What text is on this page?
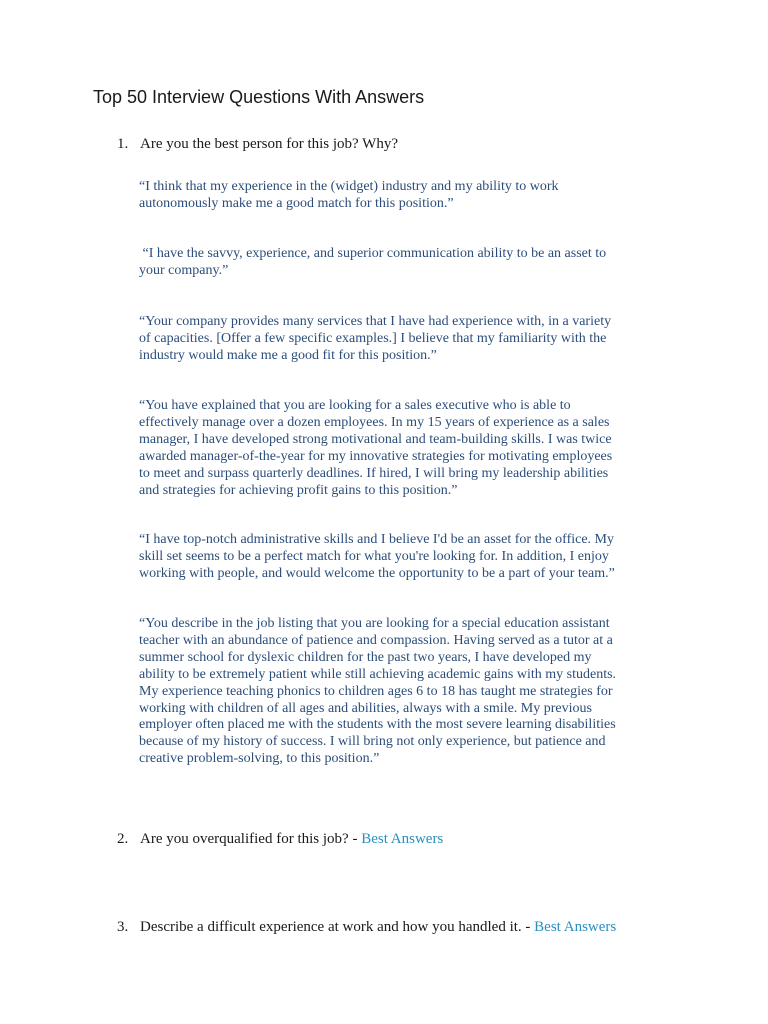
Top 50 Interview Questions With Answers
1. Are you the best person for this job? Why?
“I think that my experience in the (widget) industry and my ability to work
autonomously make me a good match for this position.”
“I have the savvy, experience, and superior communication ability to be an asset to
your company.”
“Your company provides many services that I have had experience with, in a variety
of capacities. [Offer a few specific examples.] I believe that my familiarity with the
industry would make me a good fit for this position.”
“You have explained that you are looking for a sales executive who is able to
effectively manage over a dozen employees. In my 15 years of experience as a sales
manager, I have developed strong motivational and team-building skills. I was twice
awarded manager-of-the-year for my innovative strategies for motivating employees
to meet and surpass quarterly deadlines. If hired, I will bring my leadership abilities
and strategies for achieving profit gains to this position.”
“I have top-notch administrative skills and I believe I'd be an asset for the office. My
skill set seems to be a perfect match for what you're looking for. In addition, I enjoy
working with people, and would welcome the opportunity to be a part of your team.”
“You describe in the job listing that you are looking for a special education assistant
teacher with an abundance of patience and compassion. Having served as a tutor at a
summer school for dyslexic children for the past two years, I have developed my
ability to be extremely patient while still achieving academic gains with my students.
My experience teaching phonics to children ages 6 to 18 has taught me strategies for
working with children of all ages and abilities, always with a smile. My previous
employer often placed me with the students with the most severe learning disabilities
because of my history of success. I will bring not only experience, but patience and
creative problem-solving, to this position.”
2. Are you overqualified for this job? - Best Answers
3. Describe a difficult experience at work and how you handled it. - Best Answers
